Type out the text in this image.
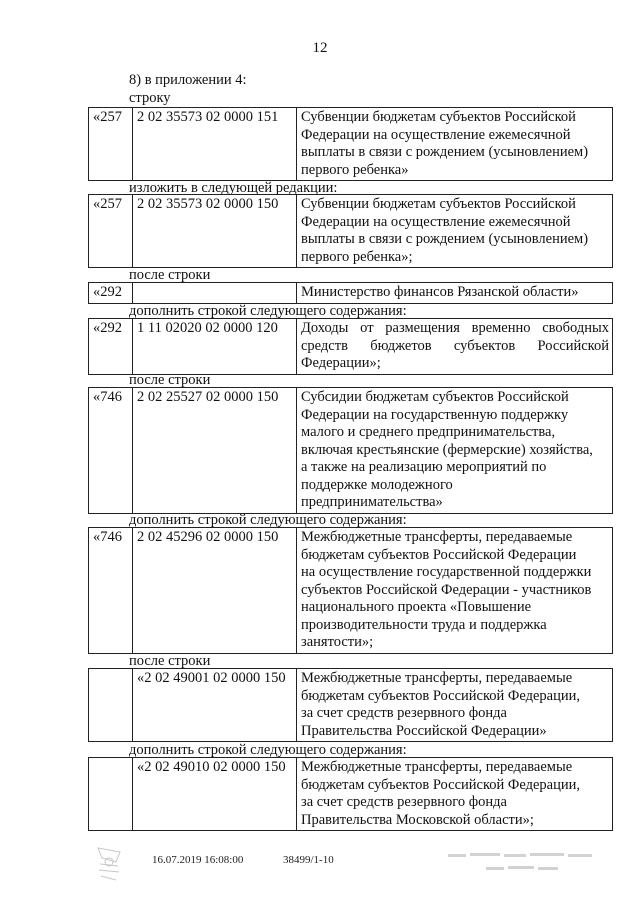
12
8) в приложении 4:
строку
«257	2 02 35573 02 0000 151	Субвенции бюджетам субъектов Российской
Федерации на осуществление ежемесячной
выплаты в связи с рождением (усыновлением)
первого ребенка»
изложить в следующей редакции:
«257	2 02 35573 02 0000 150	Субвенции бюджетам субъектов Российской
Федерации на осуществление ежемесячной
выплаты в связи с рождением (усыновлением)
первого ребенка»;
после строки
«292		Министерство финансов Рязанской области»
дополнить строкой следующего содержания:
«292	1 11 02020 02 0000 120	Доходы от размещения временно свободных
средств бюджетов субъектов Российской
Федерации»;
после строки
«746	2 02 25527 02 0000 150	Субсидии бюджетам субъектов Российской
Федерации на государственную поддержку
малого и среднего предпринимательства,
включая крестьянские (фермерские) хозяйства,
а также на реализацию мероприятий по
поддержке молодежного
предпринимательства»
дополнить строкой следующего содержания:
«746	2 02 45296 02 0000 150	Межбюджетные трансферты, передаваемые
бюджетам субъектов Российской Федерации
на осуществление государственной поддержки
субъектов Российской Федерации - участников
национального проекта «Повышение
производительности труда и поддержка
занятости»;
после строки
	«2 02 49001 02 0000 150	Межбюджетные трансферты, передаваемые
бюджетам субъектов Российской Федерации,
за счет средств резервного фонда
Правительства Российской Федерации»
дополнить строкой следующего содержания:
	«2 02 49010 02 0000 150	Межбюджетные трансферты, передаваемые
бюджетам субъектов Российской Федерации,
за счет средств резервного фонда
Правительства Московской области»;
16.07.2019 16:08:00	38499/1-10
